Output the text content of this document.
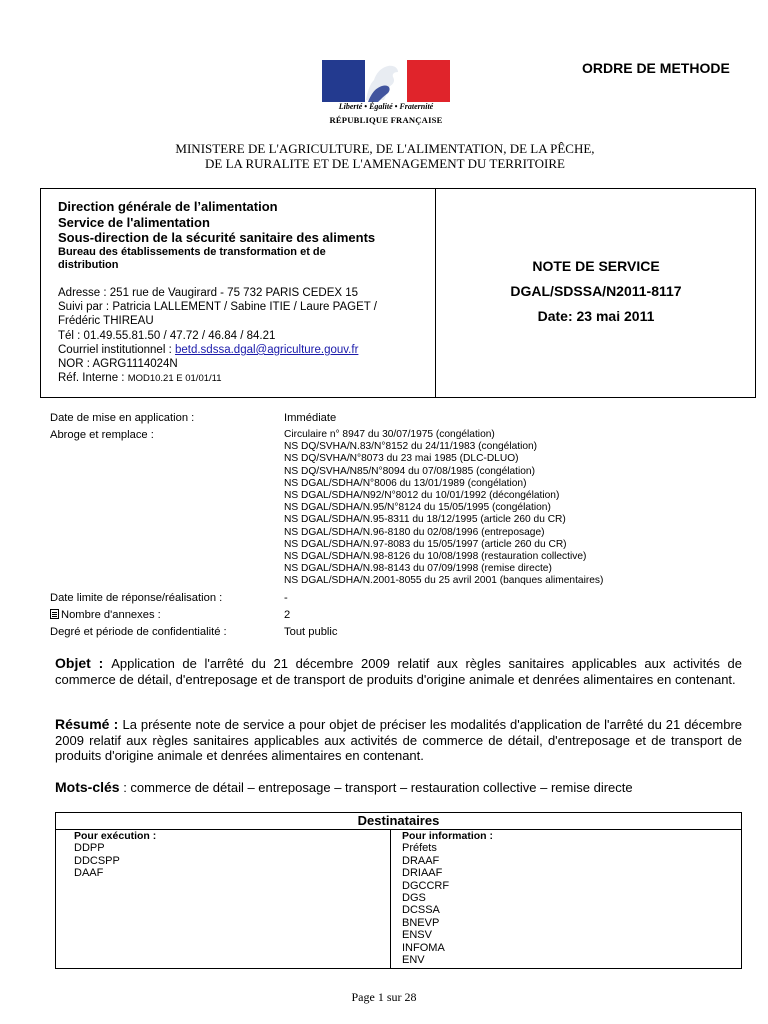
ORDRE DE METHODE
Liberté • Égalité • Fraternité
RÉPUBLIQUE FRANÇAISE
MINISTERE DE L'AGRICULTURE, DE L'ALIMENTATION, DE LA PÊCHE,
DE LA RURALITE ET DE L'AMENAGEMENT DU TERRITOIRE
Direction générale de l’alimentation
Service de l'alimentation
Sous-direction de la sécurité sanitaire des aliments
Bureau des établissements de transformation et de
distribution
Adresse : 251 rue de Vaugirard - 75 732 PARIS CEDEX 15
Suivi par : Patricia LALLEMENT / Sabine ITIE / Laure PAGET /
Frédéric THIREAU
Tél : 01.49.55.81.50 / 47.72 / 46.84 / 84.21
Courriel institutionnel : betd.sdssa.dgal@agriculture.gouv.fr
NOR : AGRG1114024N
Réf. Interne : MOD10.21 E 01/01/11
NOTE DE SERVICE
DGAL/SDSSA/N2011-8117
Date: 23 mai 2011
Date de mise en application :	Immédiate
Abroge et remplace :	Circulaire n° 8947 du 30/07/1975 (congélation)
NS DQ/SVHA/N.83/N°8152 du 24/11/1983 (congélation)
NS DQ/SVHA/N°8073 du 23 mai 1985 (DLC-DLUO)
NS DQ/SVHA/N85/N°8094 du 07/08/1985 (congélation)
NS DGAL/SDHA/N°8006 du 13/01/1989 (congélation)
NS DGAL/SDHA/N92/N°8012 du 10/01/1992 (décongélation)
NS DGAL/SDHA/N.95/N°8124 du 15/05/1995 (congélation)
NS DGAL/SDHA/N.95-8311 du 18/12/1995 (article 260 du CR)
NS DGAL/SDHA/N.96-8180 du 02/08/1996 (entreposage)
NS DGAL/SDHA/N.97-8083 du 15/05/1997 (article 260 du CR)
NS DGAL/SDHA/N.98-8126 du 10/08/1998 (restauration collective)
NS DGAL/SDHA/N.98-8143 du 07/09/1998 (remise directe)
NS DGAL/SDHA/N.2001-8055 du 25 avril 2001 (banques alimentaires)
Date limite de réponse/réalisation :	-
Nombre d'annexes :	2
Degré et période de confidentialité :	Tout public
Objet : Application de l'arrêté du 21 décembre 2009 relatif aux règles sanitaires applicables aux activités de commerce de détail, d'entreposage et de transport de produits d'origine animale et denrées alimentaires en contenant.
Résumé : La présente note de service a pour objet de préciser les modalités d'application de l'arrêté du 21 décembre 2009 relatif aux règles sanitaires applicables aux activités de commerce de détail, d'entreposage et de transport de produits d'origine animale et denrées alimentaires en contenant.
Mots-clés : commerce de détail – entreposage – transport – restauration collective – remise directe
Destinataires
Pour exécution :
DDPP
DDCSPP
DAAF
Pour information :
Préfets
DRAAF
DRIAAF
DGCCRF
DGS
DCSSA
BNEVP
ENSV
INFOMA
ENV
Page 1 sur 28
